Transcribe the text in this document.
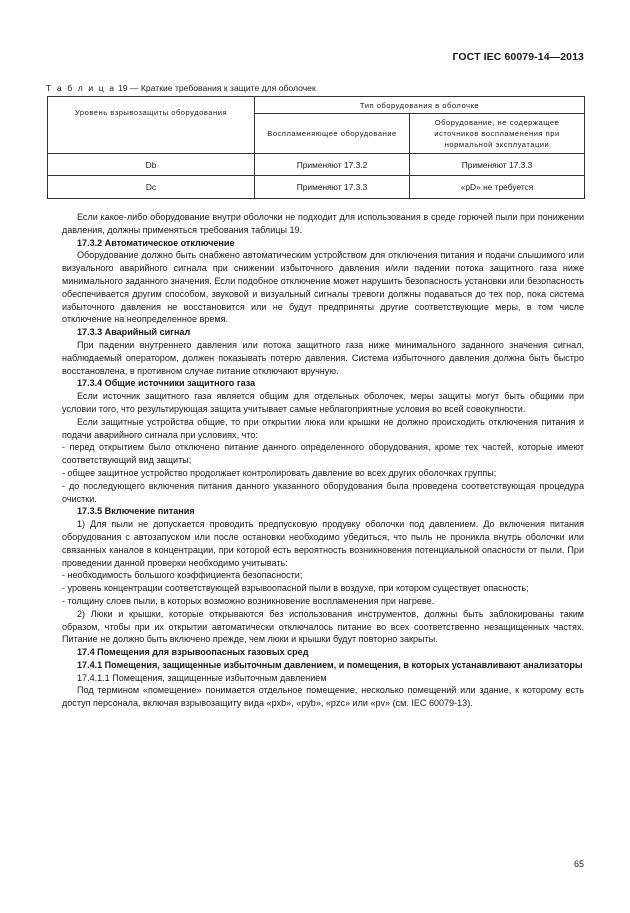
ГОСТ IEC 60079-14—2013
Т а б л и ц а 19 — Краткие требования к защите для оболочек
Уровень взрывозащиты оборудования	Тип оборудования в оболочке	
	Воспламеняющее оборудование	Оборудование, не содержащее источников воспламенения при нормальной эксплуатации
Db	Применяют 17.3.2	Применяют 17.3.3
Dc	Применяют 17.3.3	«pD» не требуется

Если какое-либо оборудование внутри оболочки не подходит для использования в среде горючей пыли при понижении давления, должны применяться требования таблицы 19.

17.3.2 Автоматическое отключение

Оборудование должно быть снабжено автоматическим устройством для отключения питания и подачи слышимого или визуального аварийного сигнала при снижении избыточного давления и/или падении потока защитного газа ниже минимального заданного значения. Если подобное отключение может нарушить безопасность установки или безопасность обеспечивается другим способом, звуковой и визуальный сигналы тревоги должны подаваться до тех пор, пока система избыточного давления не восстановится или не будут предприняты другие соответствующие меры, в том числе отключение на неопределенное время.

17.3.3 Аварийный сигнал

При падении внутреннего давления или потока защитного газа ниже минимального заданного значения сигнал, наблюдаемый оператором, должен показывать потерю давления. Система избыточного давления должна быть быстро восстановлена, в противном случае питание отключают вручную.

17.3.4 Общие источники защитного газа

Если источник защитного газа является общим для отдельных оболочек, меры защиты могут быть общими при условии того, что результирующая защита учитывает самые неблагоприятные условия во всей совокупности.

Если защитные устройства общие, то при открытии люка или крышки не должно происходить отключения питания и подачи аварийного сигнала при условиях, что:

- перед открытием было отключено питание данного определенного оборудования, кроме тех частей, которые имеют соответствующий вид защиты;

- общее защитное устройство продолжает контролировать давление во всех других оболочках группы;

- до последующего включения питания данного указанного оборудования была проведена соответствующая процедура очистки.

17.3.5 Включение питания

1) Для пыли не допускается проводить предпусковую продувку оболочки под давлением. До включения питания оборудования с автозапуском или после остановки необходимо убедиться, что пыль не проникла внутрь оболочки или связанных каналов в концентрации, при которой есть вероятность возникновения потенциальной опасности от пыли. При проведении данной проверки необходимо учитывать:

- необходимость большого коэффициента безопасности;

- уровень концентрации соответствующей взрывоопасной пыли в воздухе, при котором существует опасность;

- толщину слоев пыли, в которых возможно возникновение воспламенения при нагреве.

2) Люки и крышки, которые открываются без использования инструментов, должны быть заблокированы таким образом, чтобы при их открытии автоматически отключалось питание во всех соответственно незащищенных частях. Питание не должно быть включено прежде, чем люки и крышки будут повторно закрыты.

17.4 Помещения для взрывоопасных газовых сред

17.4.1 Помещения, защищенные избыточным давлением, и помещения, в которых устанавливают анализаторы

17.4.1.1 Помещения, защищенные избыточным давлением

Под термином «помещение» понимается отдельное помещение, несколько помещений или здание, к которому есть доступ персонала, включая взрывозащиту вида «pxb», «pyb», «pzc» или «pv» (см. IEC 60079-13).

65
